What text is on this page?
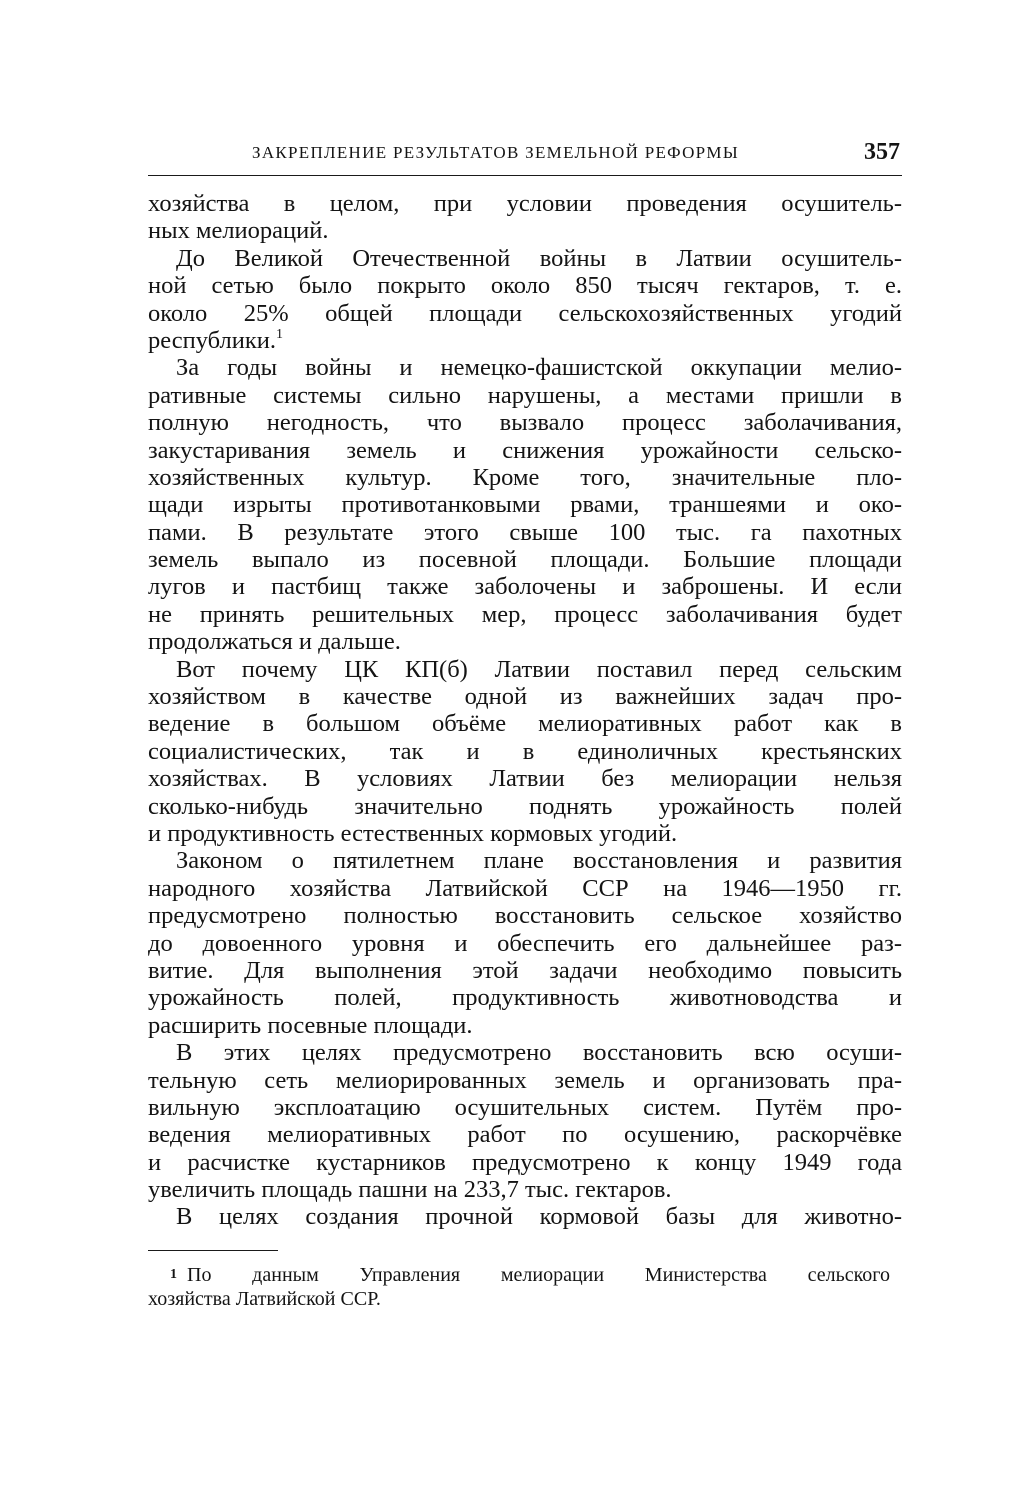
ЗАКРЕПЛЕНИЕ РЕЗУЛЬТАТОВ ЗЕМЕЛЬНОЙ РЕФОРМЫ	357
хозяйства в целом, при условии проведения осушитель-
ных мелиораций.
До Великой Отечественной войны в Латвии осушитель-
ной сетью было покрыто около 850 тысяч гектаров, т. е.
около 25% общей площади сельскохозяйственных угодий
республики.$^1$
За годы войны и немецко-фашистской оккупации мелио-
ративные системы сильно нарушены, а местами пришли в
полную негодность, что вызвало процесс заболачивания,
закустаривания земель и снижения урожайности сельско-
хозяйственных культур. Кроме того, значительные пло-
щади изрыты противотанковыми рвами, траншеями и око-
пами. В результате этого свыше 100 тыс. га пахотных
земель выпало из посевной площади. Большие площади
лугов и пастбищ также заболочены и заброшены. И если
не принять решительных мер, процесс заболачивания будет
продолжаться и дальше.
Вот почему ЦК КП(б) Латвии поставил перед сельским
хозяйством в качестве одной из важнейших задач про-
ведение в большом объёме мелиоративных работ как в
социалистических, так и в единоличных крестьянских
хозяйствах. В условиях Латвии без мелиорации нельзя
сколько-нибудь значительно поднять урожайность полей
и продуктивность естественных кормовых угодий.
Законом о пятилетнем плане восстановления и развития
народного хозяйства Латвийской ССР на 1946—1950 гг.
предусмотрено полностью восстановить сельское хозяйство
до довоенного уровня и обеспечить его дальнейшее раз-
витие. Для выполнения этой задачи необходимо повысить
урожайность полей, продуктивность животноводства и
расширить посевные площади.
В этих целях предусмотрено восстановить всю осуши-
тельную сеть мелиорированных земель и организовать пра-
вильную эксплоатацию осушительных систем. Путём про-
ведения мелиоративных работ по осушению, раскорчёвке
и расчистке кустарников предусмотрено к концу 1949 года
увеличить площадь пашни на 233,7 тыс. гектаров.
В целях создания прочной кормовой базы для животно-
1 По данным Управления мелиорации Министерства сельского
хозяйства Латвийской ССР.
